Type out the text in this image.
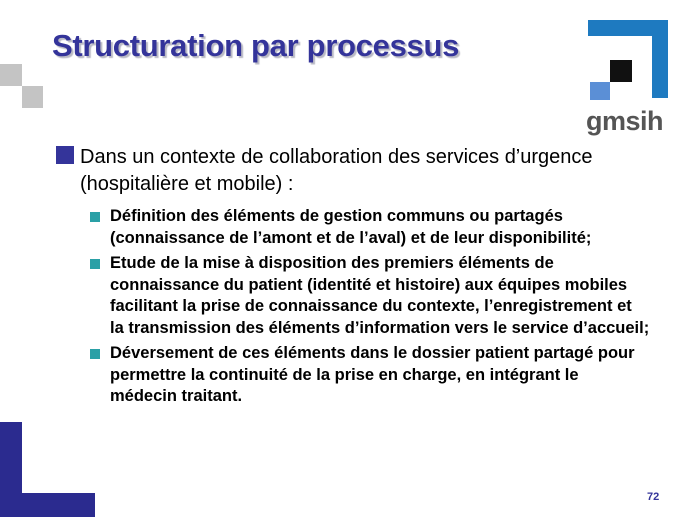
Structuration par processus
gmsih
Dans un contexte de collaboration des services d’urgence (hospitalière et mobile) :
Définition des éléments de gestion communs ou partagés (connaissance de l’amont et de l’aval) et de leur disponibilité;
Etude de la mise à disposition des premiers éléments de connaissance du patient (identité et histoire) aux équipes mobiles facilitant la prise de connaissance du contexte, l’enregistrement et la transmission des éléments d’information vers le service d’accueil;
Déversement de ces éléments dans le dossier patient partagé pour permettre la continuité de la prise en charge, en intégrant le médecin traitant.
72
